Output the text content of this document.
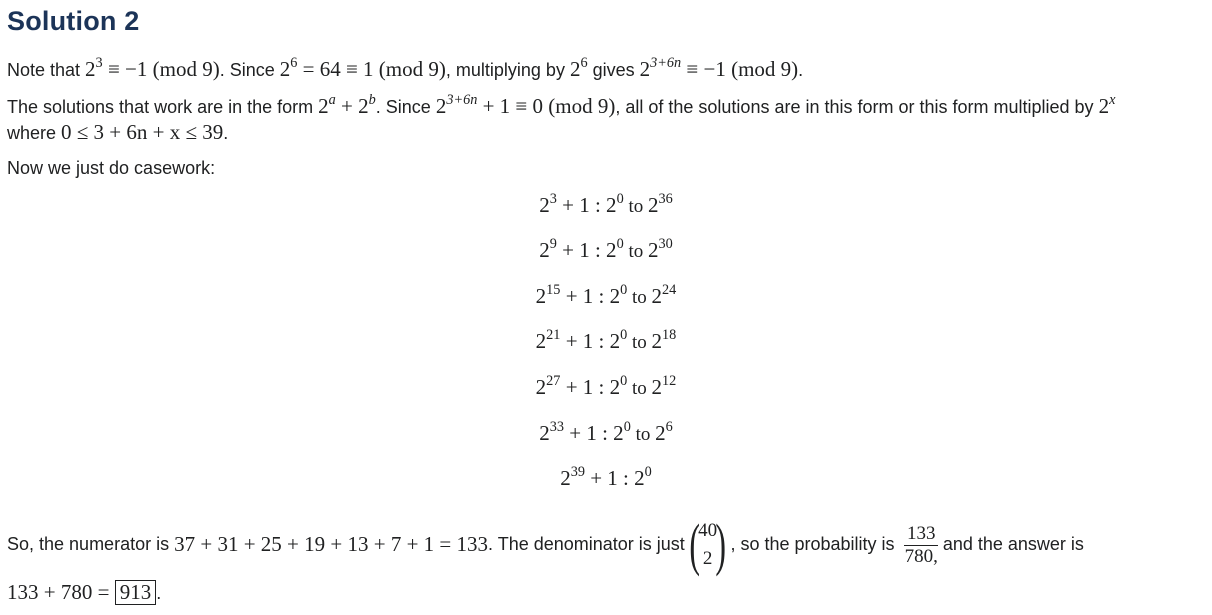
Solution 2
Note that $2^3 \equiv -1$ (mod 9). Since $2^6 = 64 \equiv 1$ (mod 9), multiplying by $2^6$ gives $2^{3+6n} \equiv -1$ (mod 9).
The solutions that work are in the form $2^a + 2^b$. Since $2^{3+6n} + 1 \equiv 0$ (mod 9), all of the solutions are in this form or this form multiplied by 2$^x$
where 0 ≤ 3 + 6n + x ≤ 39.
Now we just do casework:
$2^3 + 1$ : $2^0$ to $2^{36}$
$2^9 + 1$ : $2^0$ to $2^{30}$
$2^{15} + 1$ : $2^0$ to $2^{24}$
$2^{21} + 1$ : $2^0$ to $2^{18}$
$2^{27} + 1$ : $2^0$ to $2^{12}$
$2^{33} + 1$ : $2^0$ to $2^6$
$2^{39} + 1$ : $2^0$
So, the numerator is
37 + 31 + 25 + 19 + 13 + 7 + 1 = 133 . The denominator is just (
40
2 ) , so the probability is
$\frac{133}{780,}$ and the answer is
133 + 780 = 913 .
